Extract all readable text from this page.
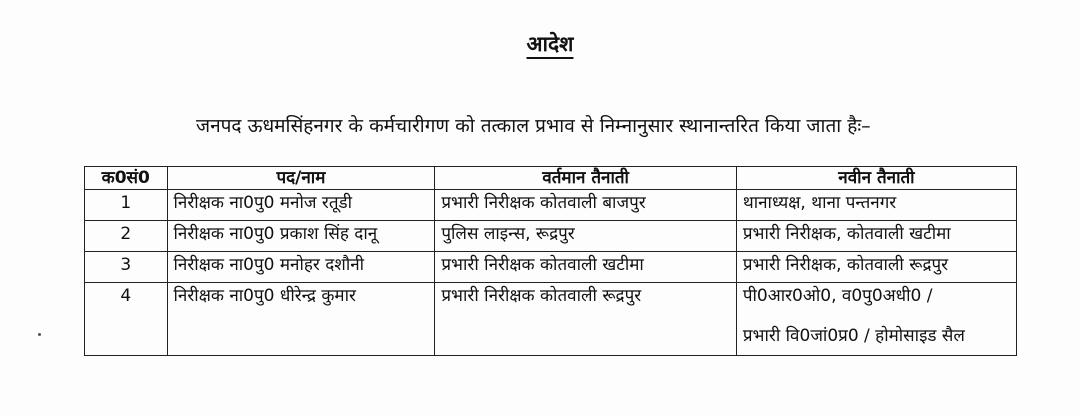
आदेश
जनपद ऊधमसिंहनगर के कर्मचारीगण को तत्काल प्रभाव से निम्नानुसार स्थानान्तरित किया जाता हैः–
क0सं0	पद/नाम	वर्तमान तैनाती	नवीन तैनाती
1	निरीक्षक ना0पु0 मनोज रतूडी	प्रभारी निरीक्षक कोतवाली बाजपुर	थानाध्यक्ष, थाना पन्तनगर
2	निरीक्षक ना0पु0 प्रकाश सिंह दानू	पुलिस लाइन्स, रूद्रपुर	प्रभारी निरीक्षक, कोतवाली खटीमा
3	निरीक्षक ना0पु0 मनोहर दशौनी	प्रभारी निरीक्षक कोतवाली खटीमा	प्रभारी निरीक्षक, कोतवाली रूद्रपुर
4	निरीक्षक ना0पु0 धीरेन्द्र कुमार	प्रभारी निरीक्षक कोतवाली रूद्रपुर	पी0आर0ओ0, व0पु0अधी0 /
प्रभारी वि0जां0प्र0 / होमोसाइड सैल
